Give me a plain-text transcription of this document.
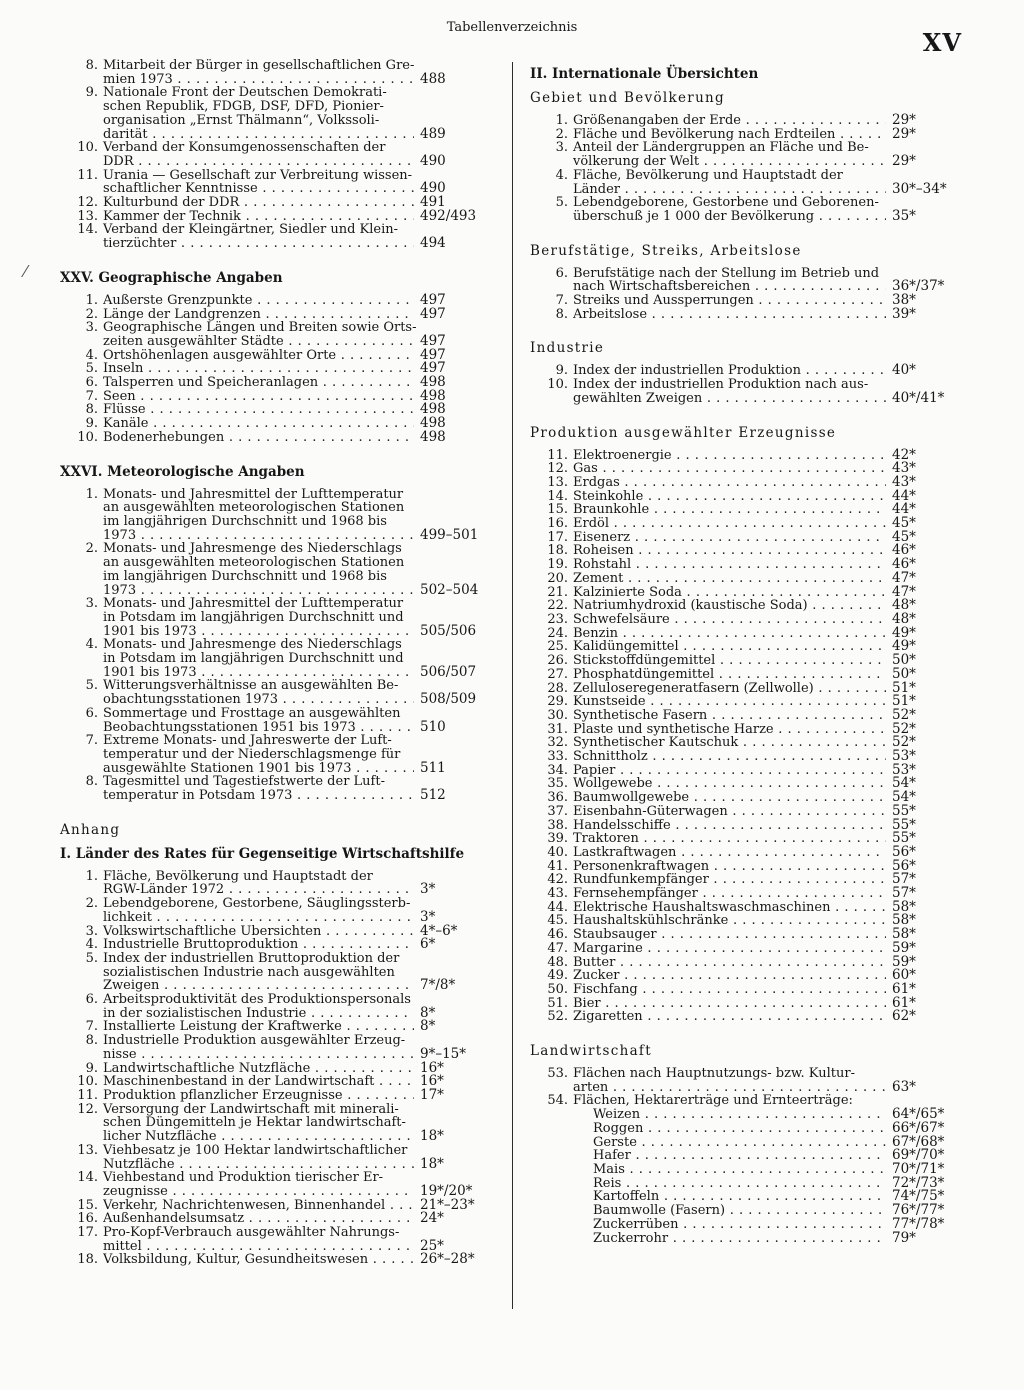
Tabellenverzeichnis
XV
⁄
8. Mitarbeit der Bürger in gesellschaftlichen Gre-
mien 1973 . . .	488
9. Nationale Front der Deutschen Demokrati-
schen Republik, FDGB, DSF, DFD, Pionier-
organisation „Ernst Thälmann“, Volkssoli-
darität . . .	489
10. Verband der Konsumgenossenschaften der
DDR . . .	490
11. Urania — Gesellschaft zur Verbreitung wissen-
schaftlicher Kenntnisse . . .	490
12. Kulturbund der DDR . . .	491
13. Kammer der Technik . . .	492/493
14. Verband der Kleingärtner, Siedler und Klein-
tierzüchter . . .	494
XXV. Geographische Angaben
1. Äußerste Grenzpunkte . . .	497
2. Länge der Landgrenzen . . .	497
3. Geographische Längen und Breiten sowie Orts-
zeiten ausgewählter Städte . . .	497
4. Ortshöhenlagen ausgewählter Orte . . .	497
5. Inseln . . .	497
6. Talsperren und Speicheranlagen . . .	498
7. Seen . . .	498
8. Flüsse . . .	498
9. Kanäle . . .	498
10. Bodenerhebungen . . .	498
XXVI. Meteorologische Angaben
1. Monats- und Jahresmittel der Lufttemperatur
an ausgewählten meteorologischen Stationen
im langjährigen Durchschnitt und 1968 bis
1973 . . .	499–501
2. Monats- und Jahresmenge des Niederschlags
an ausgewählten meteorologischen Stationen
im langjährigen Durchschnitt und 1968 bis
1973 . . .	502–504
3. Monats- und Jahresmittel der Lufttemperatur
in Potsdam im langjährigen Durchschnitt und
1901 bis 1973 . . .	505/506
4. Monats- und Jahresmenge des Niederschlags
in Potsdam im langjährigen Durchschnitt und
1901 bis 1973 . . .	506/507
5. Witterungsverhältnisse an ausgewählten Be-
obachtungsstationen 1973 . . .	508/509
6. Sommertage und Frosttage an ausgewählten
Beobachtungsstationen 1951 bis 1973 . . .	510
7. Extreme Monats- und Jahreswerte der Luft-
temperatur und der Niederschlagsmenge für
ausgewählte Stationen 1901 bis 1973 . . .	511
8. Tagesmittel und Tagestiefstwerte der Luft-
temperatur in Potsdam 1973 . . .	512
Anhang
I. Länder des Rates für Gegenseitige Wirtschaftshilfe
1. Fläche, Bevölkerung und Hauptstadt der
RGW-Länder 1972 . . .	3*
2. Lebendgeborene, Gestorbene, Säuglingssterb-
lichkeit . . .	3*
3. Volkswirtschaftliche Übersichten . . .	4*–6*
4. Industrielle Bruttoproduktion . . .	6*
5. Index der industriellen Bruttoproduktion der
sozialistischen Industrie nach ausgewählten
Zweigen . . .	7*/8*
6. Arbeitsproduktivität des Produktionspersonals
in der sozialistischen Industrie . . .	8*
7. Installierte Leistung der Kraftwerke . . .	8*
8. Industrielle Produktion ausgewählter Erzeug-
nisse . . .	9*–15*
9. Landwirtschaftliche Nutzfläche . . .	16*
10. Maschinenbestand in der Landwirtschaft . . .	16*
11. Produktion pflanzlicher Erzeugnisse . . .	17*
12. Versorgung der Landwirtschaft mit minerali-
schen Düngemitteln je Hektar landwirtschaft-
licher Nutzfläche . . .	18*
13. Viehbesatz je 100 Hektar landwirtschaftlicher
Nutzfläche . . .	18*
14. Viehbestand und Produktion tierischer Er-
zeugnisse . . .	19*/20*
15. Verkehr, Nachrichtenwesen, Binnenhandel . . .	21*–23*
16. Außenhandelsumsatz . . .	24*
17. Pro-Kopf-Verbrauch ausgewählter Nahrungs-
mittel . . .	25*
18. Volksbildung, Kultur, Gesundheitswesen . . .	26*–28*
II. Internationale Übersichten
Gebiet und Bevölkerung
1. Größenangaben der Erde . . .	29*
2. Fläche und Bevölkerung nach Erdteilen . . .	29*
3. Anteil der Ländergruppen an Fläche und Be-
völkerung der Welt . . .	29*
4. Fläche, Bevölkerung und Hauptstadt der
Länder . . .	30*–34*
5. Lebendgeborene, Gestorbene und Geborenen-
überschuß je 1 000 der Bevölkerung . . .	35*
Berufstätige, Streiks, Arbeitslose
6. Berufstätige nach der Stellung im Betrieb und
nach Wirtschaftsbereichen . . .	36*/37*
7. Streiks und Aussperrungen . . .	38*
8. Arbeitslose . . .	39*
Industrie
9. Index der industriellen Produktion . . .	40*
10. Index der industriellen Produktion nach aus-
gewählten Zweigen . . .	40*/41*
Produktion ausgewählter Erzeugnisse
11. Elektroenergie . . .	42*
12. Gas . . .	43*
13. Erdgas . . .	43*
14. Steinkohle . . .	44*
15. Braunkohle . . .	44*
16. Erdöl . . .	45*
17. Eisenerz . . .	45*
18. Roheisen . . .	46*
19. Rohstahl . . .	46*
20. Zement . . .	47*
21. Kalzinierte Soda . . .	47*
22. Natriumhydroxid (kaustische Soda) . . .	48*
23. Schwefelsäure . . .	48*
24. Benzin . . .	49*
25. Kalidüngemittel . . .	49*
26. Stickstoffdüngemittel . . .	50*
27. Phosphatdüngemittel . . .	50*
28. Zelluloseregeneratfasern (Zellwolle) . . .	51*
29. Kunstseide . . .	51*
30. Synthetische Fasern . . .	52*
31. Plaste und synthetische Harze . . .	52*
32. Synthetischer Kautschuk . . .	52*
33. Schnittholz . . .	53*
34. Papier . . .	53*
35. Wollgewebe . . .	54*
36. Baumwollgewebe . . .	54*
37. Eisenbahn-Güterwagen . . .	55*
38. Handelsschiffe . . .	55*
39. Traktoren . . .	55*
40. Lastkraftwagen . . .	56*
41. Personenkraftwagen . . .	56*
42. Rundfunkempfänger . . .	57*
43. Fernsehempfänger . . .	57*
44. Elektrische Haushaltswaschmaschinen . . .	58*
45. Haushaltskühlschränke . . .	58*
46. Staubsauger . . .	58*
47. Margarine . . .	59*
48. Butter . . .	59*
49. Zucker . . .	60*
50. Fischfang . . .	61*
51. Bier . . .	61*
52. Zigaretten . . .	62*
Landwirtschaft
53. Flächen nach Hauptnutzungs- bzw. Kultur-
arten . . .	63*
54. Flächen, Hektarerträge und Ernteerträge:
Weizen . . .	64*/65*
Roggen . . .	66*/67*
Gerste . . .	67*/68*
Hafer . . .	69*/70*
Mais . . .	70*/71*
Reis . . .	72*/73*
Kartoffeln . . .	74*/75*
Baumwolle (Fasern) . . .	76*/77*
Zuckerrüben . . .	77*/78*
Zuckerrohr . . .	79*
